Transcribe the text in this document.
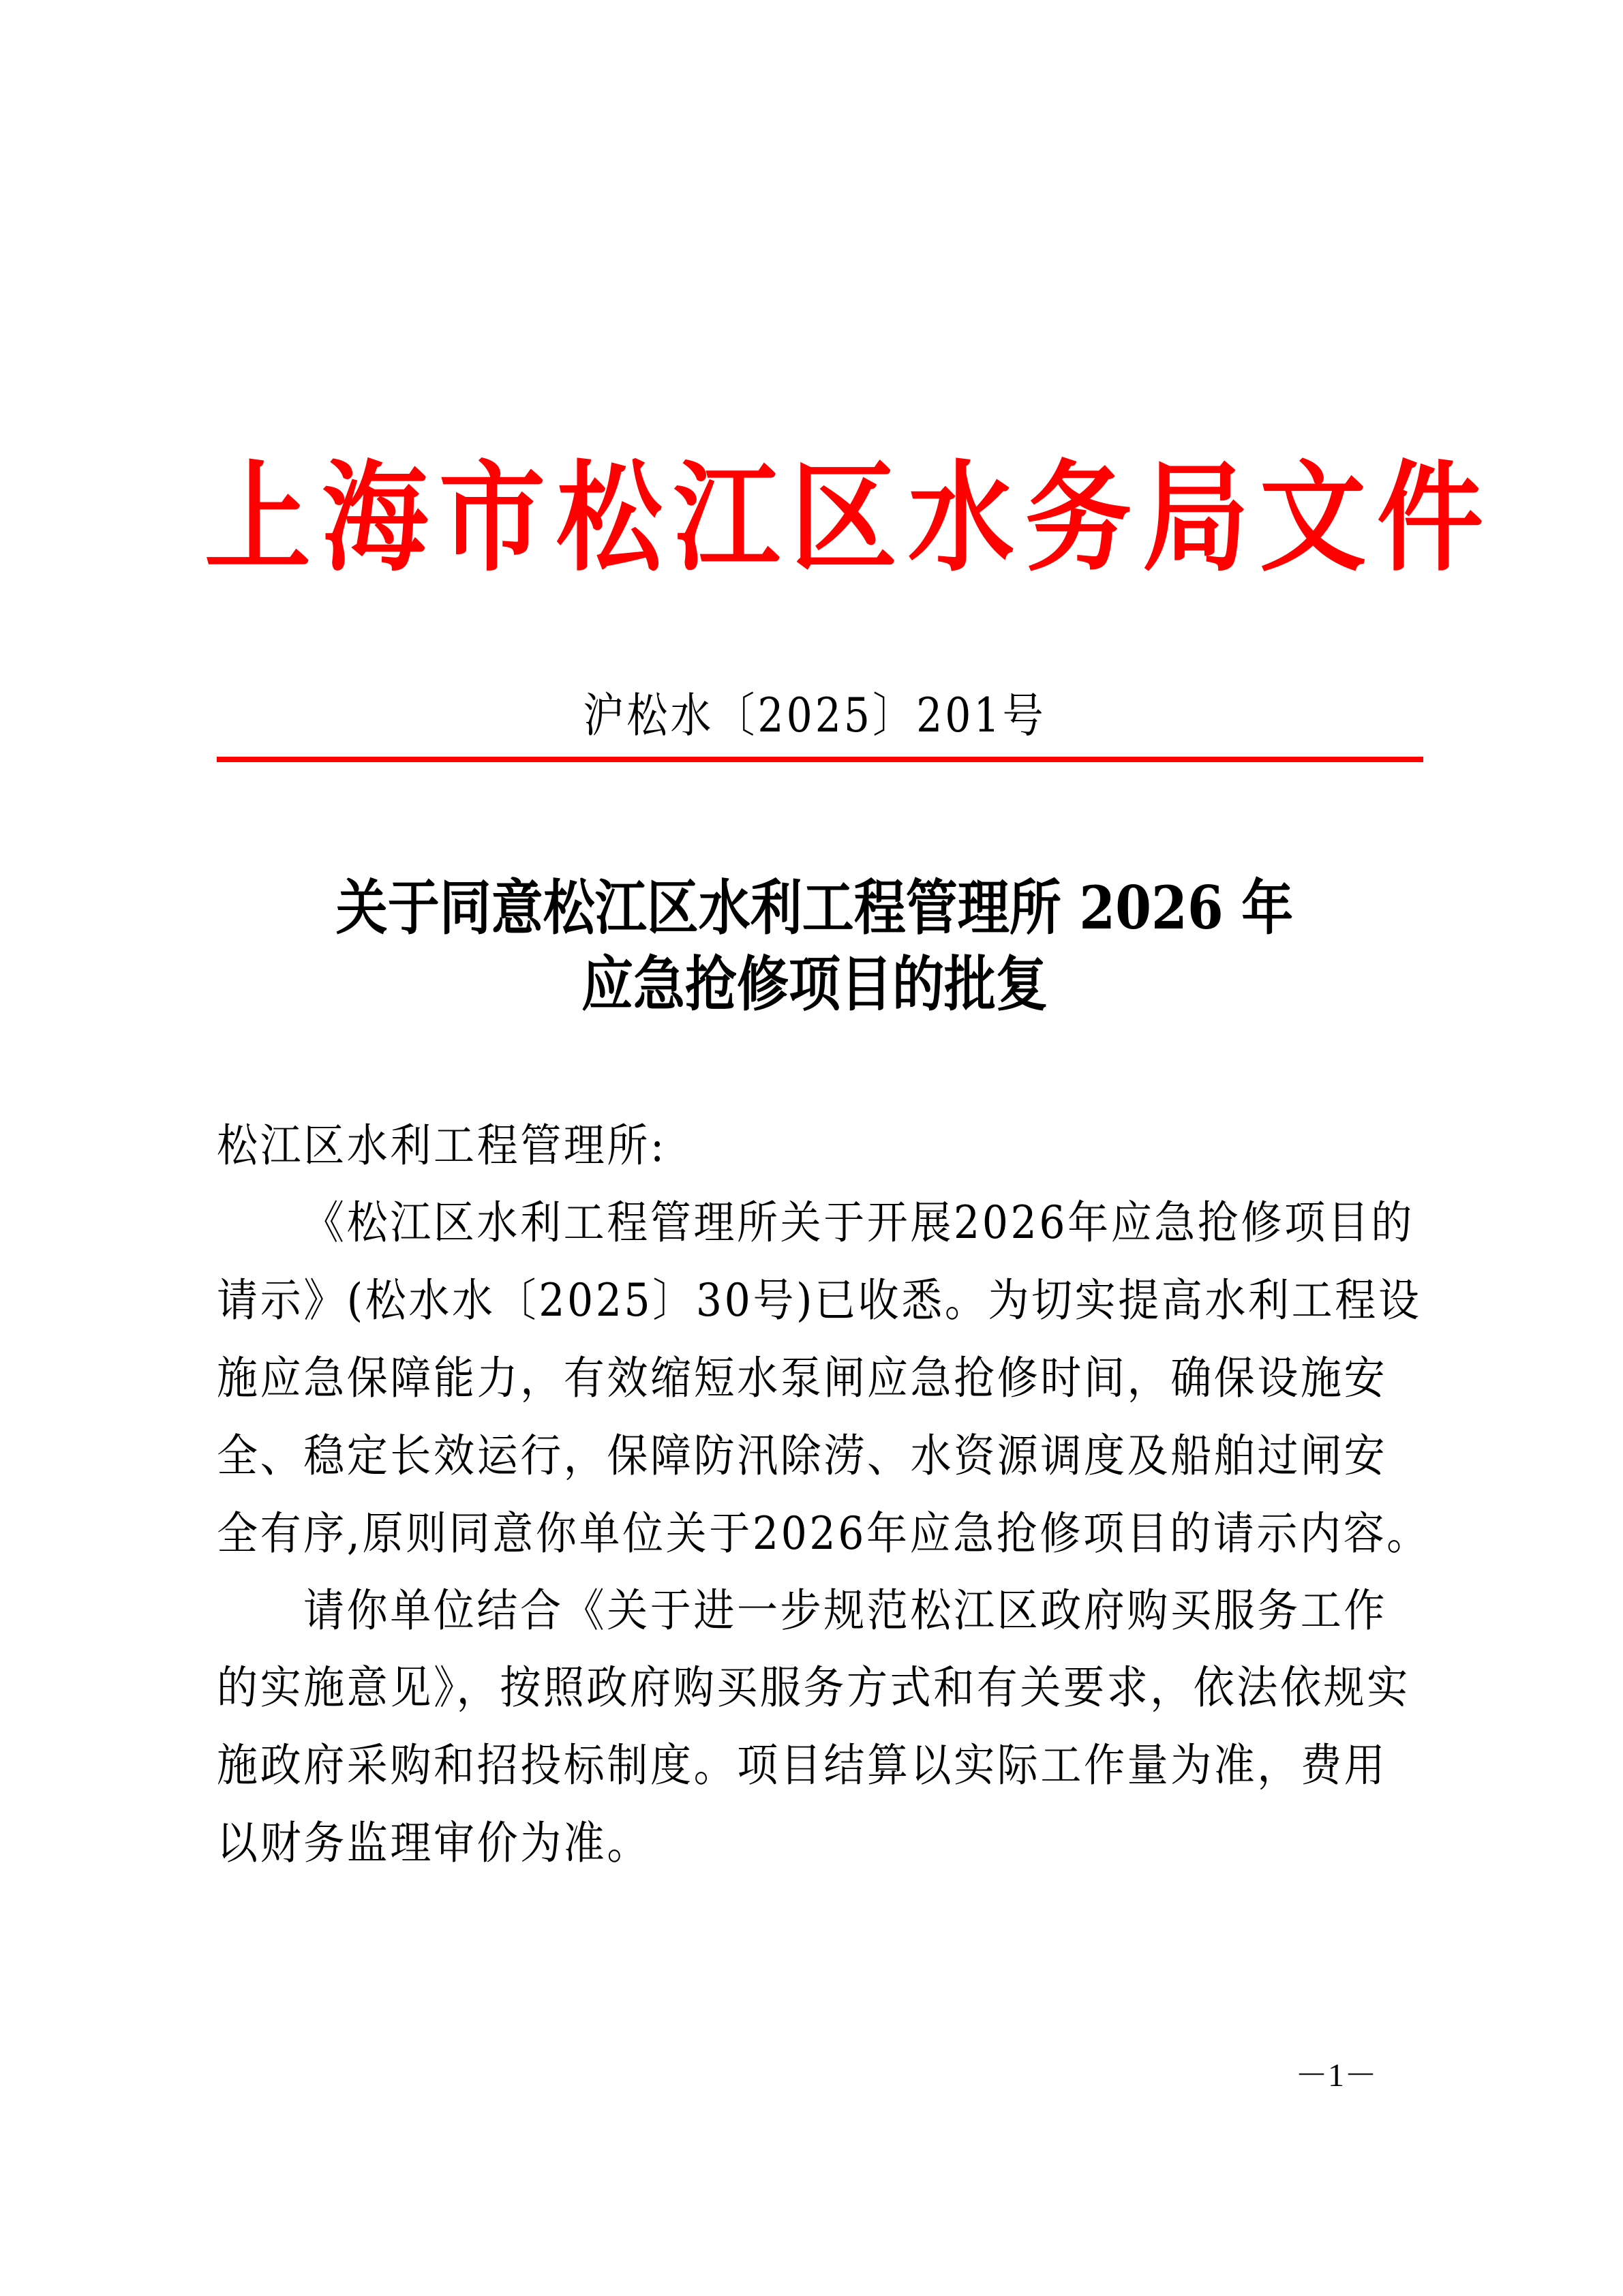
上海市松江区水务局文件
沪松水〔2025〕201号
关于同意松江区水利工程管理所 2026 年
应急抢修项目的批复
松江区水利工程管理所:
《松江区水利工程管理所关于开展2026年应急抢修项目的
请示》(松水水〔2025〕30号)已收悉。为切实提高水利工程设
施应急保障能力，有效缩短水泵闸应急抢修时间，确保设施安
全、稳定长效运行，保障防汛除涝、水资源调度及船舶过闸安
全有序,原则同意你单位关于2026年应急抢修项目的请示内容。
请你单位结合《关于进一步规范松江区政府购买服务工作
的实施意见》，按照政府购买服务方式和有关要求，依法依规实
施政府采购和招投标制度。项目结算以实际工作量为准，费用
以财务监理审价为准。
－1－
